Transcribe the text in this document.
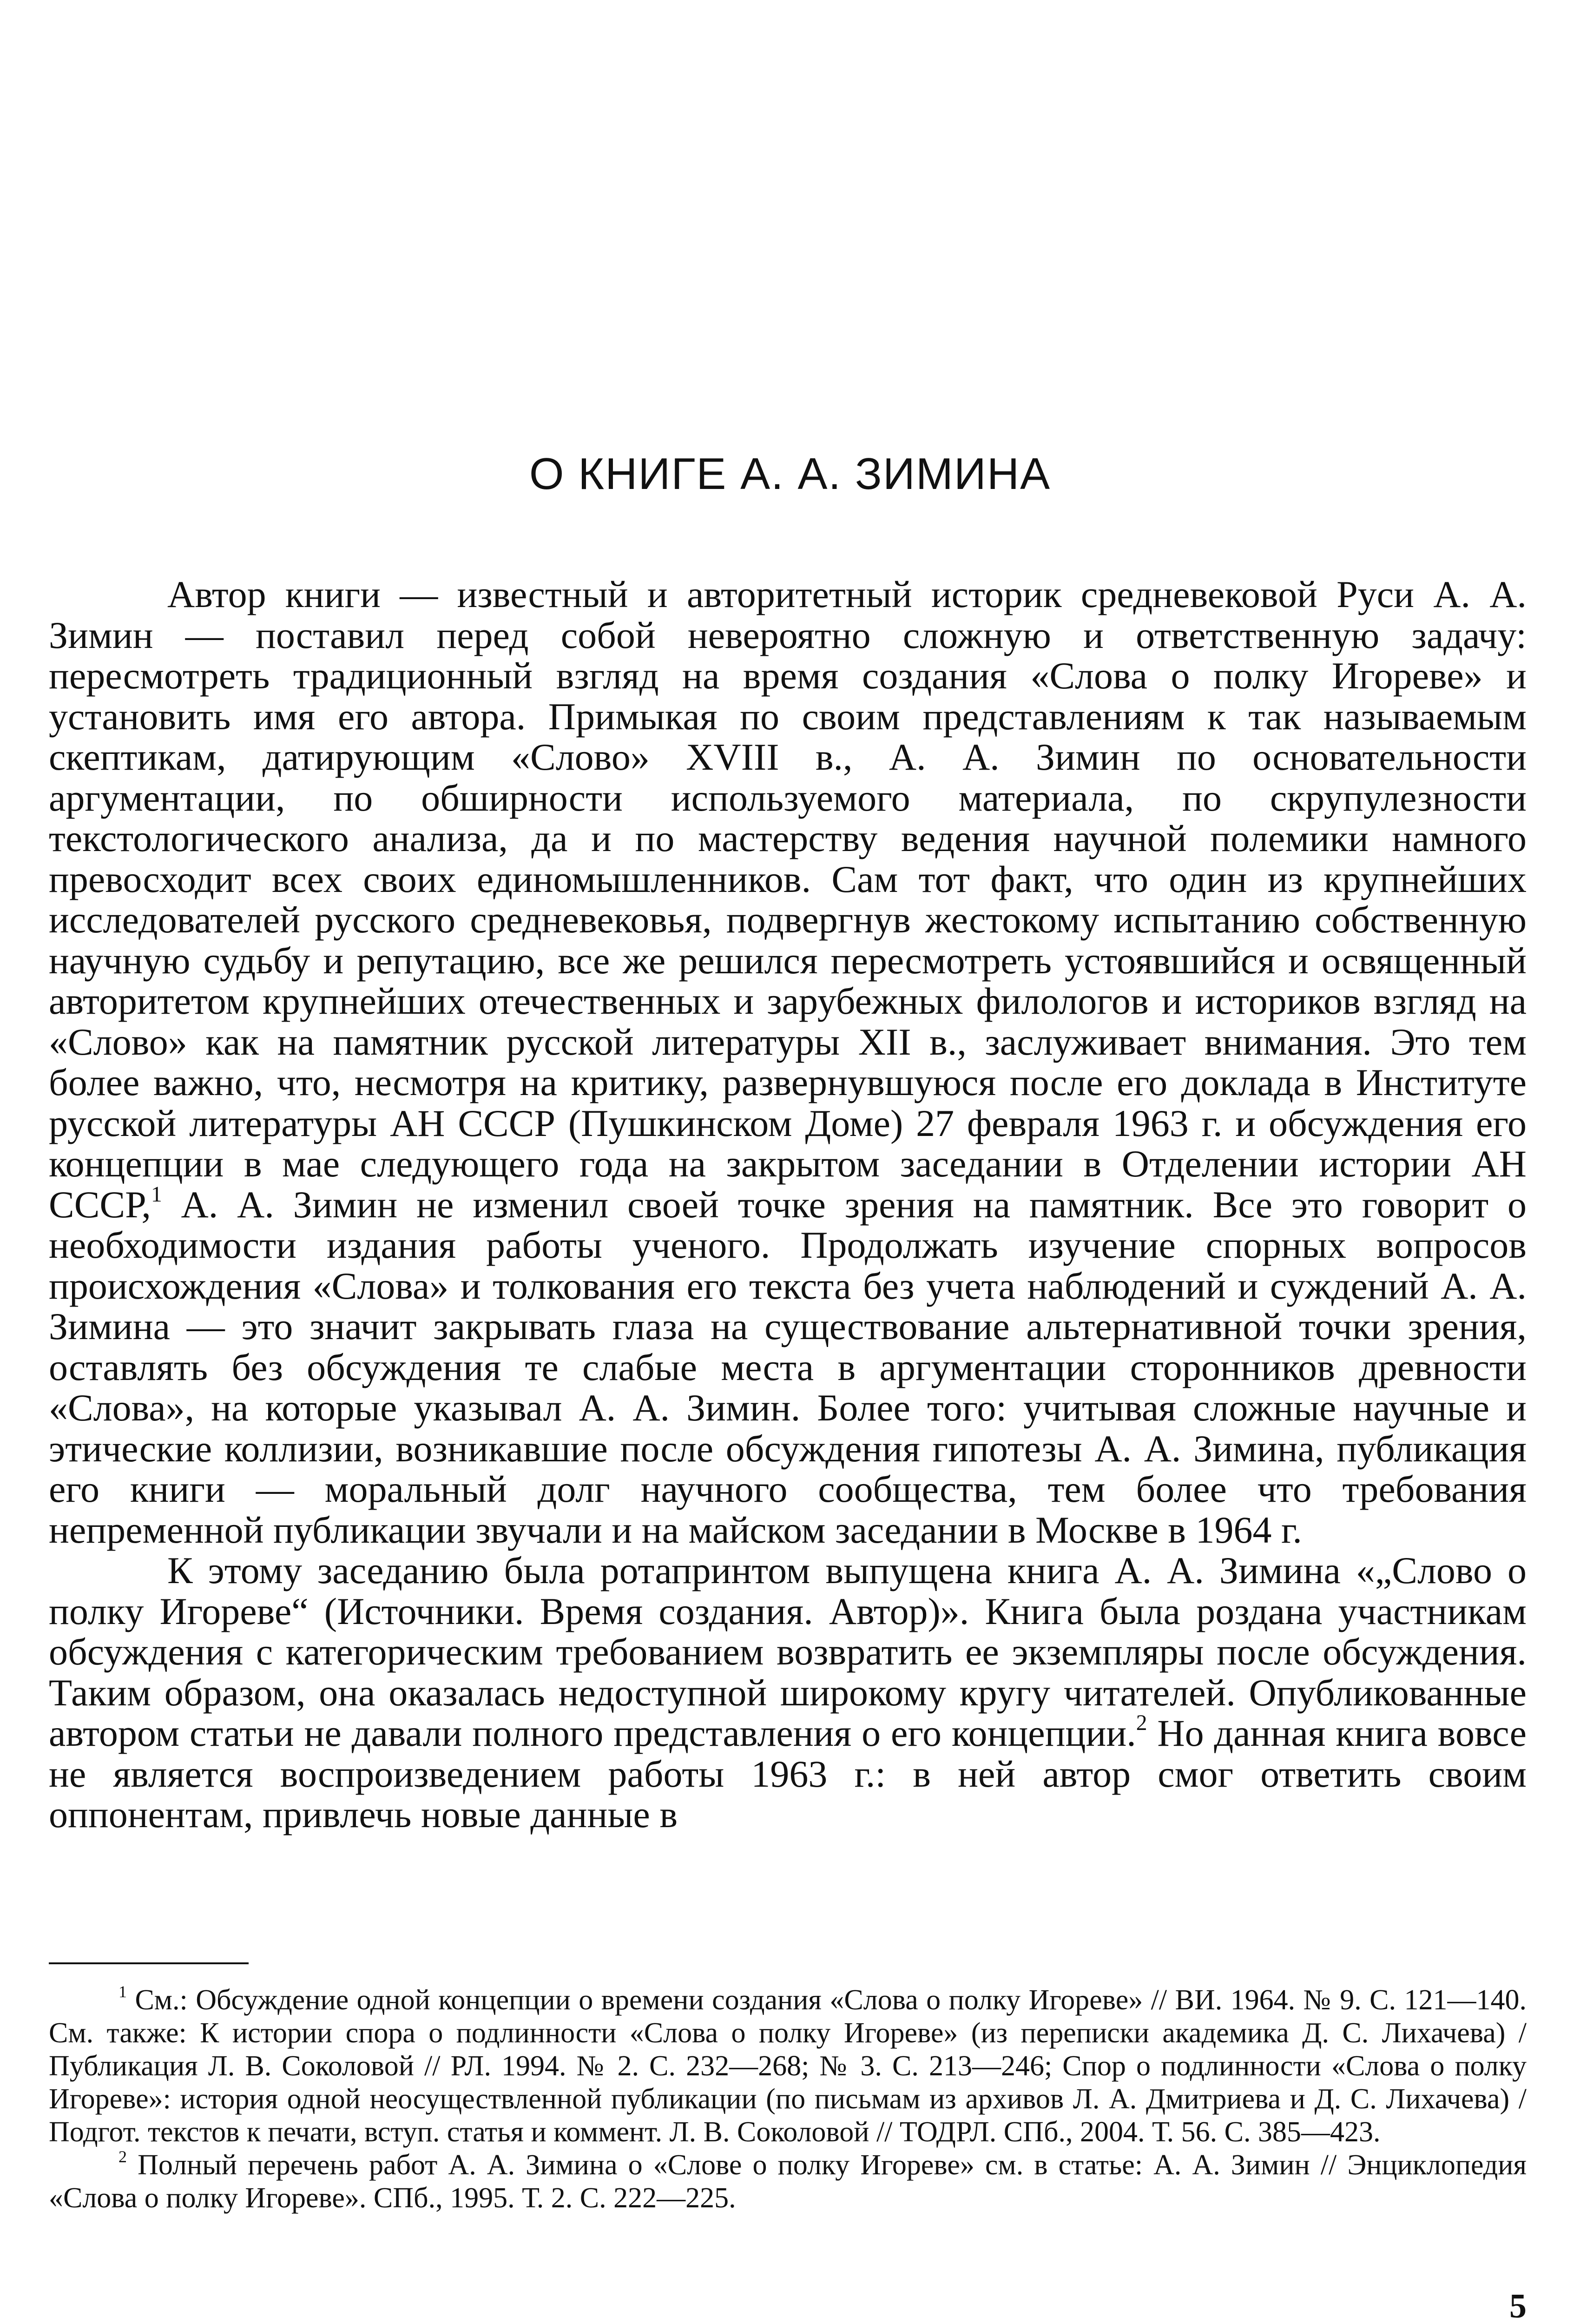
О КНИГЕ А. А. ЗИМИНА

Автор книги — известный и авторитетный историк средневековой Руси А. А. Зимин — поставил перед собой невероятно сложную и ответственную задачу: пересмотреть традиционный взгляд на время создания «Слова о полку Игореве» и установить имя его автора. Примыкая по своим представлениям к так называемым скептикам, датирующим «Слово» XVIII в., А. А. Зимин по основательности аргументации, по обширности используемого материала, по скрупулезности текстологического анализа, да и по мастерству ведения научной полемики намного превосходит всех своих единомышленников. Сам тот факт, что один из крупнейших исследователей русского средневековья, подвергнув жестокому испытанию собственную научную судьбу и репутацию, все же решился пересмотреть устоявшийся и освященный авторитетом крупнейших отечественных и зарубежных филологов и историков взгляд на «Слово» как на памятник русской литературы XII в., заслуживает внимания. Это тем более важно, что, несмотря на критику, развернувшуюся после его доклада в Институте русской литературы АН СССР (Пушкинском Доме) 27 февраля 1963 г. и обсуждения его концепции в мае следующего года на закрытом заседании в Отделении истории АН СССР,$^1$ А. А. Зимин не изменил своей точке зрения на памятник. Все это говорит о необходимости издания работы ученого. Продолжать изучение спорных вопросов происхождения «Слова» и толкования его текста без учета наблюдений и суждений А. А. Зимина — это значит закрывать глаза на существование альтернативной точки зрения, оставлять без обсуждения те слабые места в аргументации сторонников древности «Слова», на которые указывал А. А. Зимин. Более того: учитывая сложные научные и этические коллизии, возникавшие после обсуждения гипотезы А. А. Зимина, публикация его книги — моральный долг научного сообщества, тем более что требования непременной публикации звучали и на майском заседании в Москве в 1964 г.

К этому заседанию была ротапринтом выпущена книга А. А. Зимина «„Слово о полку Игореве“ (Источники. Время создания. Автор)». Книга была роздана участникам обсуждения с категорическим требованием возвратить ее экземпляры после обсуждения. Таким образом, она оказалась недоступной широкому кругу читателей. Опубликованные автором статьи не давали полного представления о его концепции.$^2$ Но данная книга вовсе не является воспроизведением работы 1963 г.: в ней автор смог ответить своим оппонентам, привлечь новые данные в

$^1$ См.: Обсуждение одной концепции о времени создания «Слова о полку Игореве» // ВИ. 1964. № 9. С. 121—140. См. также: К истории спора о подлинности «Слова о полку Игореве» (из переписки академика Д. С. Лихачева) / Публикация Л. В. Соколовой // РЛ. 1994. № 2. С. 232—268; № 3. С. 213—246; Спор о подлинности «Слова о полку Игореве»: история одной неосуществленной публикации (по письмам из архивов Л. А. Дмитриева и Д. С. Лихачева) / Подгот. текстов к печати, вступ. статья и коммент. Л. В. Соколовой // ТОДРЛ. СПб., 2004. Т. 56. С. 385—423.

$^2$ Полный перечень работ А. А. Зимина о «Слове о полку Игореве» см. в статье: А. А. Зимин // Энциклопедия «Слова о полку Игореве». СПб., 1995. Т. 2. С. 222—225.

5
